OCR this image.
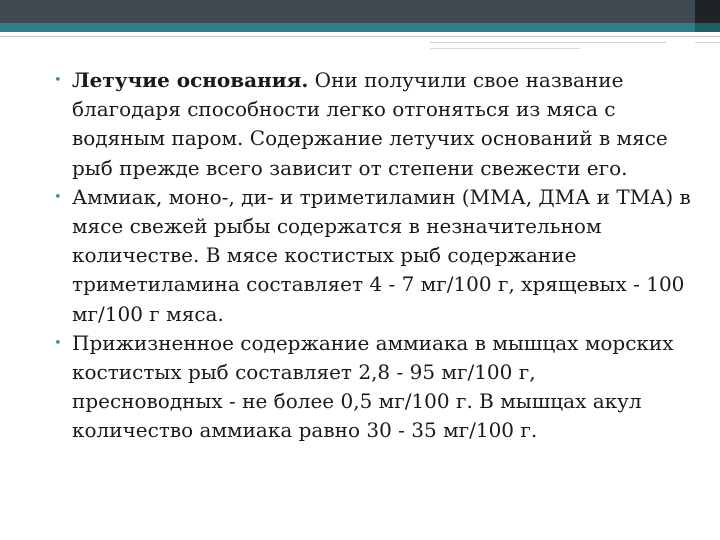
• Летучие основания. Они получили свое название благодаря способности легко отгоняться из мяса с водяным паром. Содержание летучих оснований в мясе рыб прежде всего зависит от степени свежести его.
• Аммиак, моно-, ди- и триметиламин (ММА, ДМА и ТМА) в мясе свежей рыбы содержатся в незначительном количестве. В мясе костистых рыб содержание триметиламина составляет 4 - 7 мг/100 г, хрящевых - 100 мг/100 г мяса.
• Прижизненное содержание аммиака в мышцах морских костистых рыб составляет 2,8 - 95 мг/100 г, пресноводных - не более 0,5 мг/100 г. В мышцах акул количество аммиака равно 30 - 35 мг/100 г.
